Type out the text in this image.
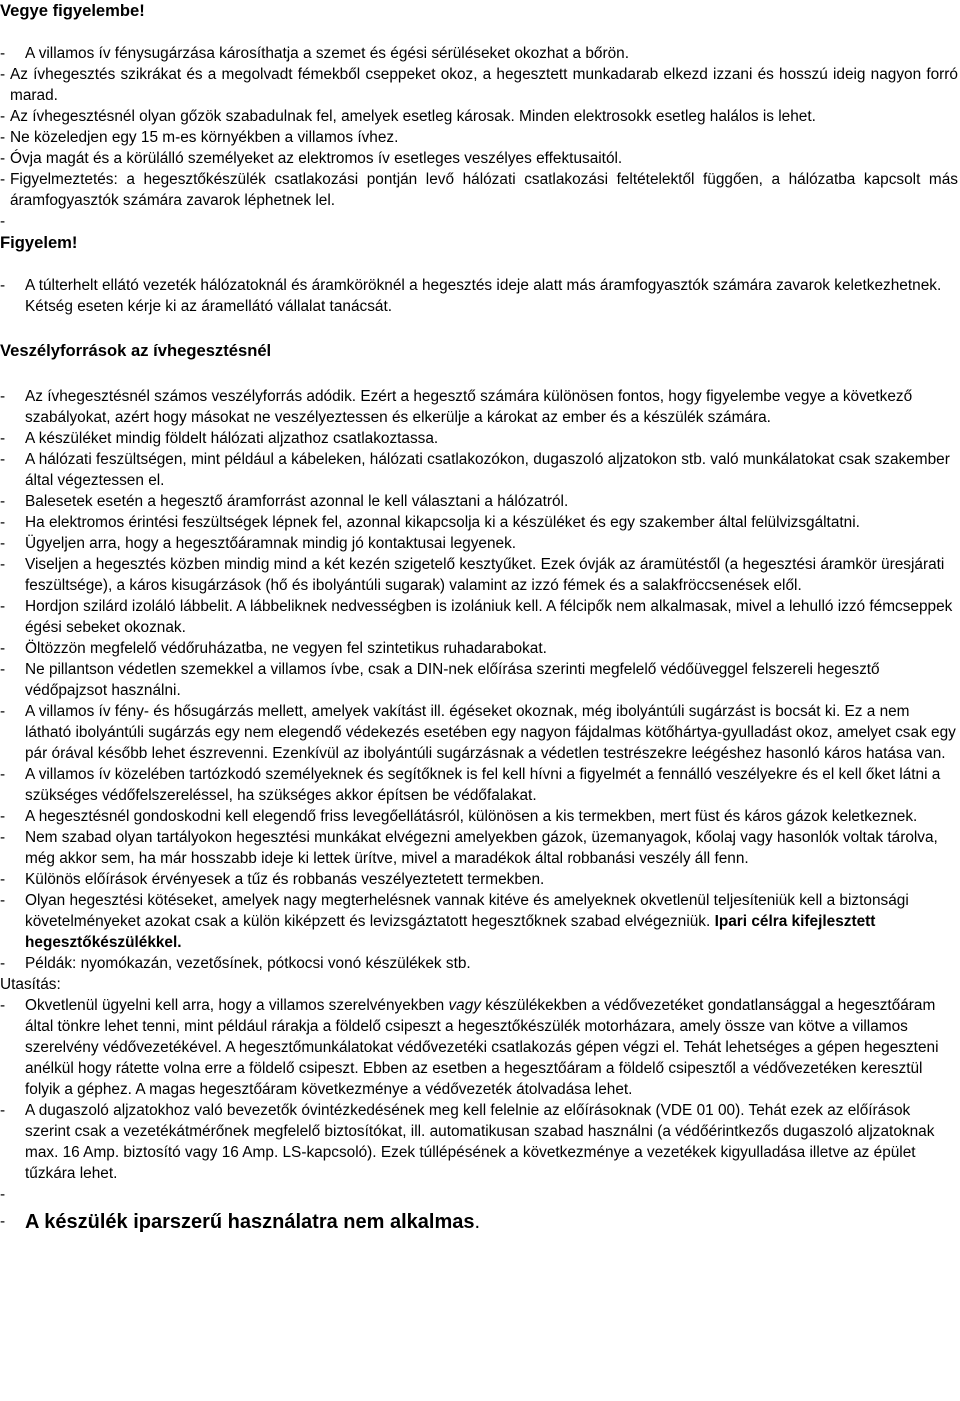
Vegye figyelembe!

-	A villamos ív fénysugárzása károsíthatja a szemet és égési sérüléseket okozhat a bőrön.
- Az ívhegesztés szikrákat és a megolvadt fémekből cseppeket okoz, a hegesztett munkadarab elkezd izzani és hosszú ideig nagyon forró marad.
- Az ívhegesztésnél olyan gőzök szabadulnak fel, amelyek esetleg károsak. Minden elektrosokk esetleg halálos is lehet.
- Ne közeledjen egy 15 m-es környékben a villamos ívhez.
- Óvja magát és a körülálló személyeket az elektromos ív esetleges veszélyes effektusaitól.
- Figyelmeztetés: a hegesztőkészülék csatlakozási pontján levő hálózati csatlakozási feltételektől függően, a hálózatba kapcsolt más áramfogyasztók számára zavarok léphetnek lel.
-

Figyelem!

-	A túlterhelt ellátó vezeték hálózatoknál és áramköröknél a hegesztés ideje alatt más áramfogyasztók számára zavarok keletkezhetnek. Kétség eseten kérje ki az áramellátó vállalat tanácsát.

Veszélyforrások az ívhegesztésnél

-	Az ívhegesztésnél számos veszélyforrás adódik. Ezért a hegesztő számára különösen fontos, hogy figyelembe vegye a következő szabályokat, azért hogy másokat ne veszélyeztessen és elkerülje a károkat az ember és a készülék számára.
-	A készüléket mindig földelt hálózati aljzathoz csatlakoztassa.
-	A hálózati feszültségen, mint például a kábeleken, hálózati csatlakozókon, dugaszoló aljzatokon stb. való munkálatokat csak szakember által végeztessen el.
-	Balesetek esetén a hegesztő áramforrást azonnal le kell választani a hálózatról.
-	Ha elektromos érintési feszültségek lépnek fel, azonnal kikapcsolja ki a készüléket és egy szakember által felülvizsgáltatni.
-	Ügyeljen arra, hogy a hegesztőáramnak mindig jó kontaktusai legyenek.
-	Viseljen a hegesztés közben mindig mind a két kezén szigetelő kesztyűket. Ezek óvják az áramütéstől (a hegesztési áramkör üresjárati feszültsége), a káros kisugárzások (hő és ibolyántúli sugarak) valamint az izzó fémek és a salakfröccsenések elől.
-	Hordjon szilárd izoláló lábbelit. A lábbeliknek nedvességben is izolániuk kell. A félcipők nem alkalmasak, mivel a lehulló izzó fémcseppek égési sebeket okoznak.
-	Öltözzön megfelelő védőruházatba, ne vegyen fel szintetikus ruhadarabokat.
-	Ne pillantson védetlen szemekkel a villamos ívbe, csak a DIN-nek előírása szerinti megfelelő védőüveggel felszereli hegesztő védőpajzsot használni.
-	A villamos ív fény- és hősugárzás mellett, amelyek vakítást ill. égéseket okoznak, még ibolyántúli sugárzást is bocsát ki. Ez a nem látható ibolyántúli sugárzás egy nem elegendő védekezés esetében egy nagyon fájdalmas kötőhártya-gyulladást okoz, amelyet csak egy pár órával később lehet észrevenni. Ezenkívül az ibolyántúli sugárzásnak a védetlen testrészekre leégéshez hasonló káros hatása van.
-	A villamos ív közelében tartózkodó személyeknek és segítőknek is fel kell hívni a figyelmét a fennálló veszélyekre és el kell őket látni a szükséges védőfelszereléssel, ha szükséges akkor építsen be védőfalakat.
-	A hegesztésnél gondoskodni kell elegendő friss levegőellátásról, különösen a kis termekben, mert füst és káros gázok keletkeznek.
-	Nem szabad olyan tartályokon hegesztési munkákat elvégezni amelyekben gázok, üzemanyagok, kőolaj vagy hasonlók voltak tárolva, még akkor sem, ha már hosszabb ideje ki lettek ürítve, mivel a maradékok által robbanási veszély áll fenn.
-	Különös előírások érvényesek a tűz és robbanás veszélyeztetett termekben.
-	Olyan hegesztési kötéseket, amelyek nagy megterhelésnek vannak kitéve és amelyeknek okvetlenül teljesíteniük kell a biztonsági követelményeket azokat csak a külön kiképzett és levizsgáztatott hegesztőknek szabad elvégezniük. Ipari célra kifejlesztett hegesztőkészülékkel.
-	Példák: nyomókazán, vezetősínek, pótkocsi vonó készülékek stb.

Utasítás:

-	Okvetlenül ügyelni kell arra, hogy a villamos szerelvényekben vagy készülékekben a védővezetéket gondatlansággal a hegesztőáram által tönkre lehet tenni, mint például rárakja a földelő csipeszt a hegesztőkészülék motorházara, amely össze van kötve a villamos szerelvény védővezetékével. A hegesztőmunkálatokat védővezetéki csatlakozás gépen végzi el. Tehát lehetséges a gépen hegeszteni anélkül hogy rátette volna erre a földelő csipeszt. Ebben az esetben a hegesztőáram a földelő csipesztől a védővezetéken keresztül folyik a géphez. A magas hegesztőáram következménye a védővezeték átolvadása lehet.
-	A dugaszoló aljzatokhoz való bevezetők óvintézkedésének meg kell felelnie az előírásoknak (VDE 01 00). Tehát ezek az előírások szerint csak a vezetékátmérőnek megfelelő biztosítókat, ill. automatikusan szabad használni (a védőérintkezős dugaszoló aljzatoknak max. 16 Amp. biztosító vagy 16 Amp. LS-kapcsoló). Ezek túllépésének a következménye a vezetékek kigyulladása illetve az épület tűzkára lehet.
-
- A készülék iparszerű használatra nem alkalmas.
